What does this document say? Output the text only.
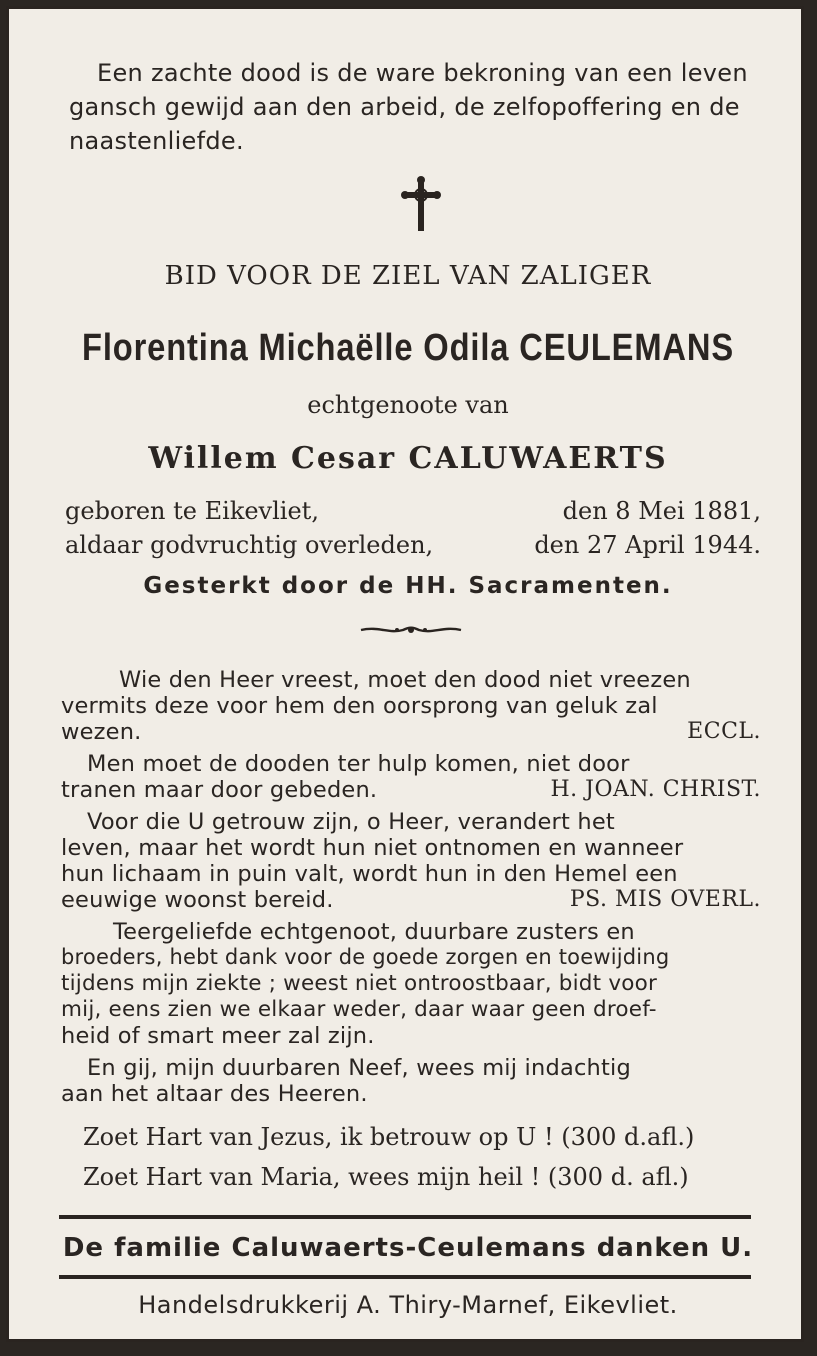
Een zachte dood is de ware bekroning van een leven
gansch gewijd aan den arbeid, de zelfopoffering en de
naastenliefde.
BID VOOR DE ZIEL VAN ZALIGER
Florentina Michaëlle Odila CEULEMANS
echtgenoote van
Willem Cesar CALUWAERTS
geboren te Eikevliet,	den 8 Mei 1881,
aldaar godvruchtig overleden,	den 27 April 1944.
Gesterkt door de HH. Sacramenten.
Wie den Heer vreest, moet den dood niet vreezen
vermits deze voor hem den oorsprong van geluk zal
wezen.	ECCL.
Men moet de dooden ter hulp komen, niet door
tranen maar door gebeden.	H. JOAN. CHRIST.
Voor die U getrouw zijn, o Heer, verandert het
leven, maar het wordt hun niet ontnomen en wanneer
hun lichaam in puin valt, wordt hun in den Hemel een
eeuwige woonst bereid.	PS. MIS OVERL.
Teergeliefde echtgenoot, duurbare zusters en
broeders, hebt dank voor de goede zorgen en toewijding
tijdens mijn ziekte ; weest niet ontroostbaar, bidt voor
mij, eens zien we elkaar weder, daar waar geen droef-
heid of smart meer zal zijn.
En gij, mijn duurbaren Neef, wees mij indachtig
aan het altaar des Heeren.
Zoet Hart van Jezus, ik betrouw op U ! (300 d.afl.)
Zoet Hart van Maria, wees mijn heil ! (300 d. afl.)
De familie Caluwaerts-Ceulemans danken U.
Handelsdrukkerij A. Thiry-Marnef, Eikevliet.
